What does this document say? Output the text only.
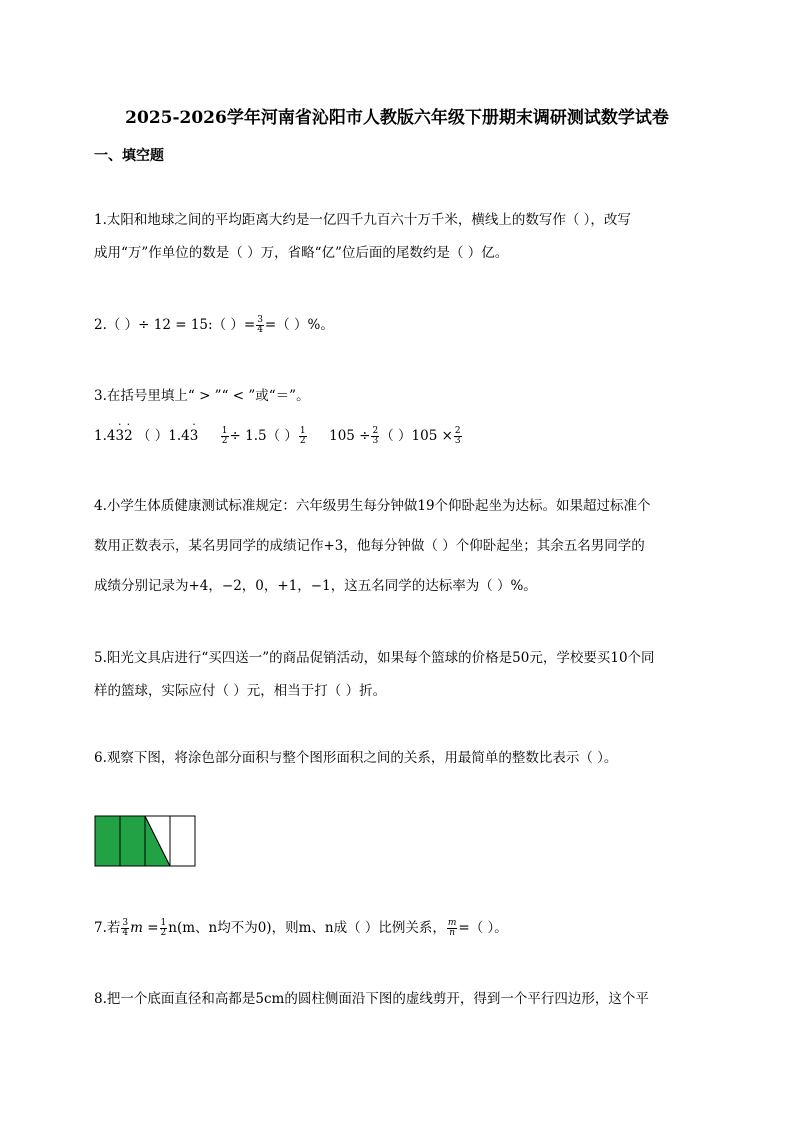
2025-2026学年河南省沁阳市人教版六年级下册期末调研测试数学试卷
一、填空题
1.太阳和地球之间的平均距离大约是一亿四千九百六十万千米，横线上的数写作（ ），改写
成用“万”作单位的数是（ ）万，省略“亿”位后面的尾数约是（ ）亿。
2.（ ）÷ 12 = 15:（ ）= $\frac{3}{4}$ =（ ）%。
3.在括号里填上“ > ”“ < ”或“＝”。
1.4· 3· 2 （ ）$1.4\cdot 3 \frac{1}{2} \div 1.5$（ ） $\frac{1}{2} 105 \div \frac{2}{3}$ （ ）$105 \times \frac{2}{3}$
4.小学生体质健康测试标准规定：六年级男生每分钟做19个仰卧起坐为达标。如果超过标准个
数用正数表示，某名男同学的成绩记作+3，他每分钟做（ ）个仰卧起坐；其余五名男同学的
成绩分别记录为+4，−2，0，+1，−1，这五名同学的达标率为（ ）%。
5.阳光文具店进行“买四送一”的商品促销活动，如果每个篮球的价格是50元，学校要买10个同
样的篮球，实际应付（ ）元，相当于打（ ）折。
6.观察下图，将涂色部分面积与整个图形面积之间的关系，用最简单的整数比表示（ ）。
7.若 $\frac{3}{4}$ $m = \frac{1}{2} n(m$、n均不为0)，则m、n成（ ）比例关系， $\frac{m}{n}$ =（ ）。
8.把一个底面直径和高都是5cm的圆柱侧面沿下图的虚线剪开，得到一个平行四边形，这个平
